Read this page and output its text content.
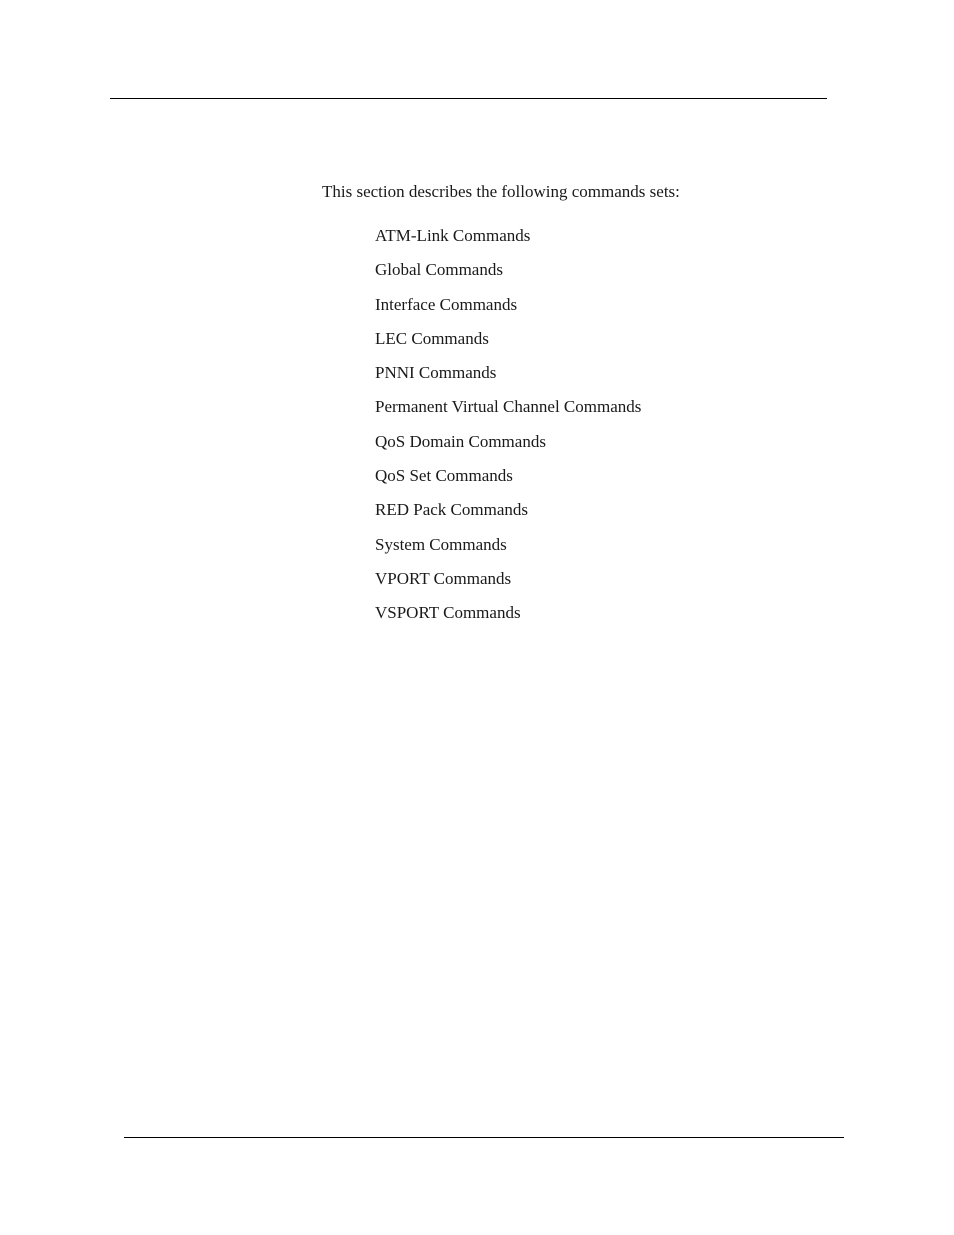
This section describes the following commands sets:

ATM-Link Commands
Global Commands
Interface Commands
LEC Commands
PNNI Commands
Permanent Virtual Channel Commands
QoS Domain Commands
QoS Set Commands
RED Pack Commands
System Commands
VPORT Commands
VSPORT Commands
